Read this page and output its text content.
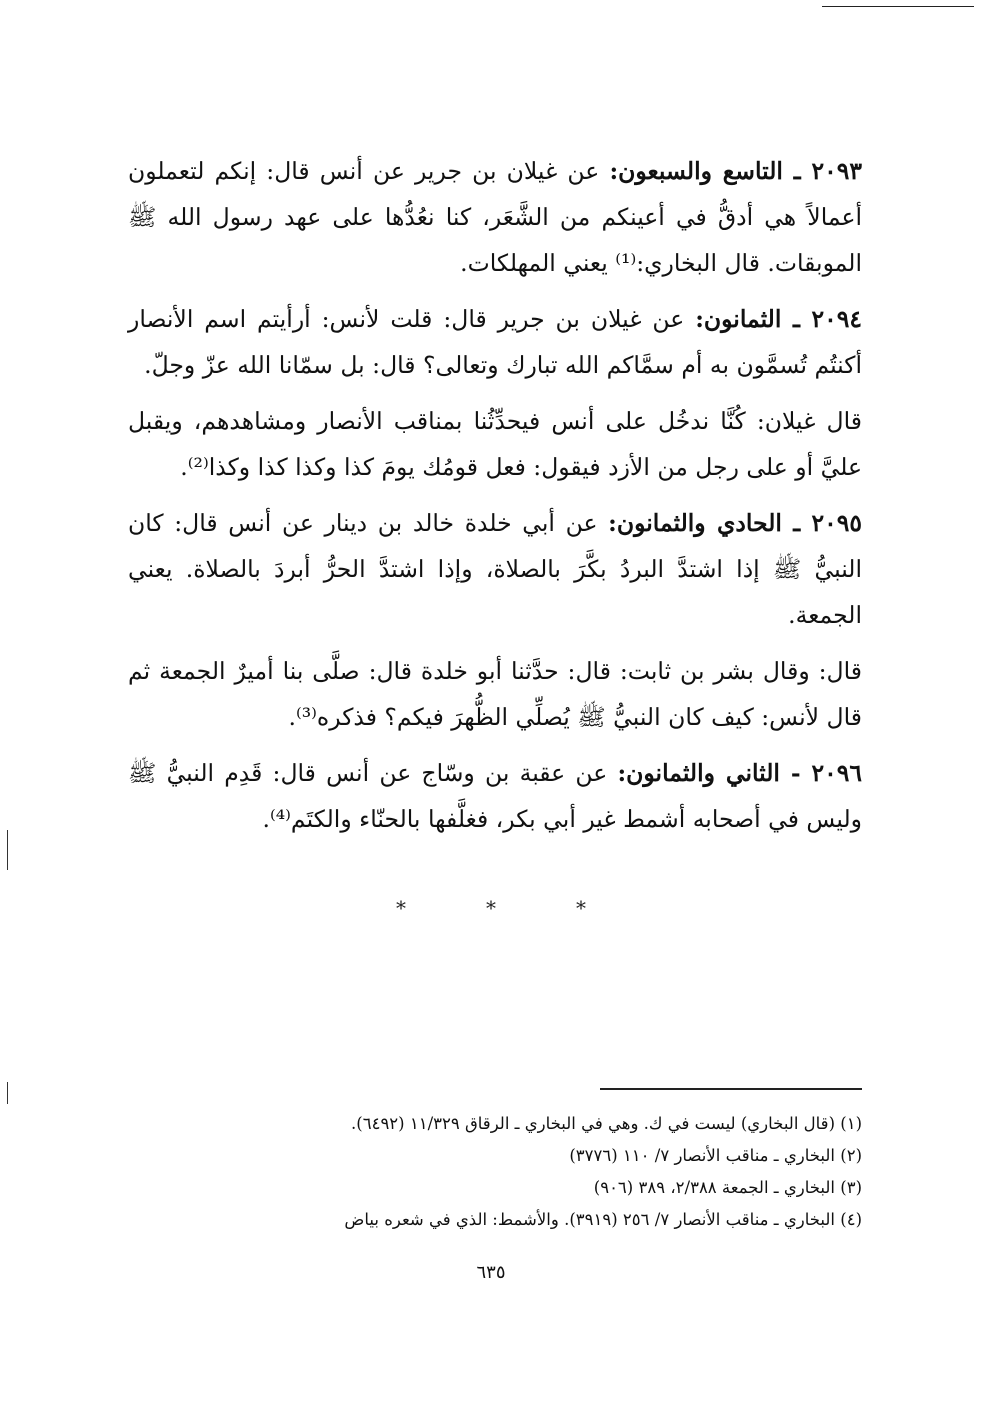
٢٠٩٣ ـ التاسع والسبعون: عن غيلان بن جرير عن أنس قال: إنكم لتعملون أعمالاً هي أدقُّ في أعينكم من الشَّعَر، كنا نعُدُّها على عهد رسول الله ﷺ الموبقات. قال البخاري:⁽¹⁾ يعني المهلكات.

٢٠٩٤ ـ الثمانون: عن غيلان بن جرير قال: قلت لأنس: أرأيتم اسم الأنصار أكنتُم تُسمَّون به أم سمَّاكم الله تبارك وتعالى؟ قال: بل سمّانا الله عزّ وجلّ.

قال غيلان: كُنَّا ندخُل على أنس فيحدِّثُنا بمناقب الأنصار ومشاهدهم، ويقبل عليَّ أو على رجل من الأزد فيقول: فعل قومُك يومَ كذا وكذا كذا وكذا⁽²⁾.

٢٠٩٥ ـ الحادي والثمانون: عن أبي خلدة خالد بن دينار عن أنس قال: كان النبيُّ ﷺ إذا اشتدَّ البردُ بكَّرَ بالصلاة، وإذا اشتدَّ الحرُّ أبردَ بالصلاة. يعني الجمعة.

قال: وقال بشر بن ثابت: قال: حدَّثنا أبو خلدة قال: صلَّى بنا أميرٌ الجمعة ثم قال لأنس: كيف كان النبيُّ ﷺ يُصلِّي الظُّهرَ فيكم؟ فذكره⁽³⁾.

٢٠٩٦ - الثاني والثمانون: عن عقبة بن وسّاج عن أنس قال: قَدِم النبيُّ ﷺ وليس في أصحابه أشمط غير أبي بكر، فغلَّفها بالحنّاء والكتَم⁽⁴⁾.

*
*
*

(١) (قال البخاري) ليست في ك. وهي في البخاري ـ الرقاق ١١/٣٢٩ (٦٤٩٢).

(٢) البخاري ـ مناقب الأنصار ٧/ ١١٠ (٣٧٧٦)

(٣) البخاري ـ الجمعة ٢/٣٨٨، ٣٨٩ (٩٠٦)

(٤) البخاري ـ مناقب الأنصار ٧/ ٢٥٦ (٣٩١٩). والأشمط: الذي في شعره بياض

٦٣٥
